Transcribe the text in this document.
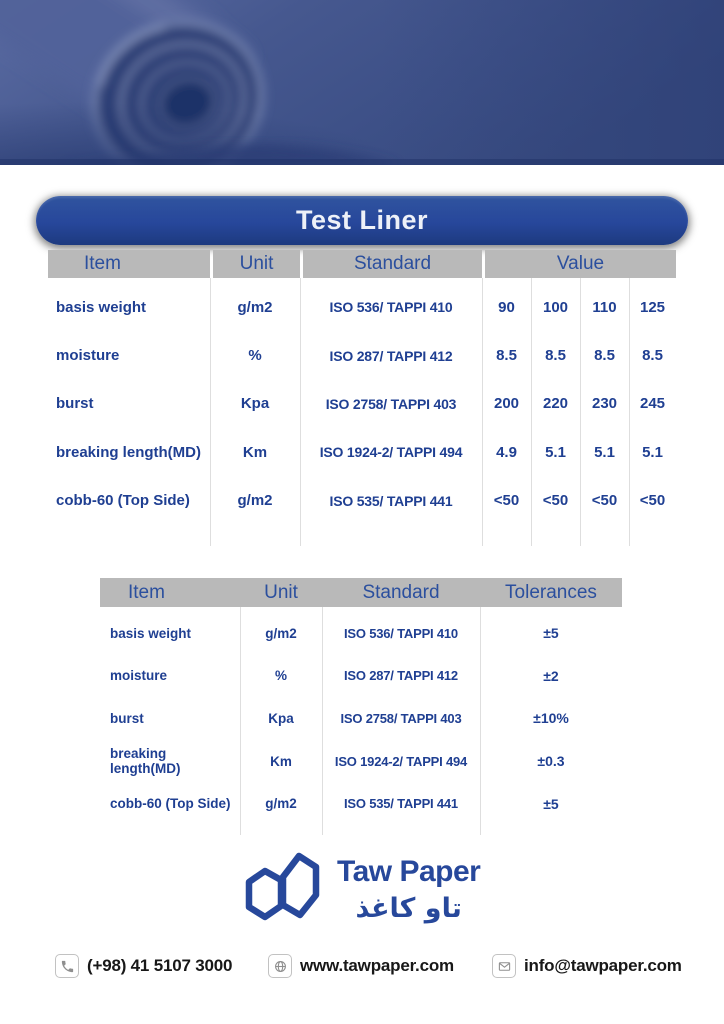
Test Liner
Item	Unit	Standard	Value
basis weight	g/m2	ISO 536/ TAPPI 410	90	100	110	125
moisture	%	ISO 287/ TAPPI 412	8.5	8.5	8.5	8.5
burst	Kpa	ISO 2758/ TAPPI 403	200	220	230	245
breaking length(MD)	Km	ISO 1924-2/ TAPPI 494	4.9	5.1	5.1	5.1
cobb-60 (Top Side)	g/m2	ISO 535/ TAPPI 441	<50	<50	<50	<50
Item	Unit	Standard	Tolerances
basis weight	g/m2	ISO 536/ TAPPI 410	±5
moisture	%	ISO 287/ TAPPI 412	±2
burst	Kpa	ISO 2758/ TAPPI 403	±10%
breaking length(MD)	Km	ISO 1924-2/ TAPPI 494	±0.3
cobb-60 (Top Side)	g/m2	ISO 535/ TAPPI 441	±5
Taw Paper
تاو کاغذ
(+98) 41 5107 3000	www.tawpaper.com	info@tawpaper.com
